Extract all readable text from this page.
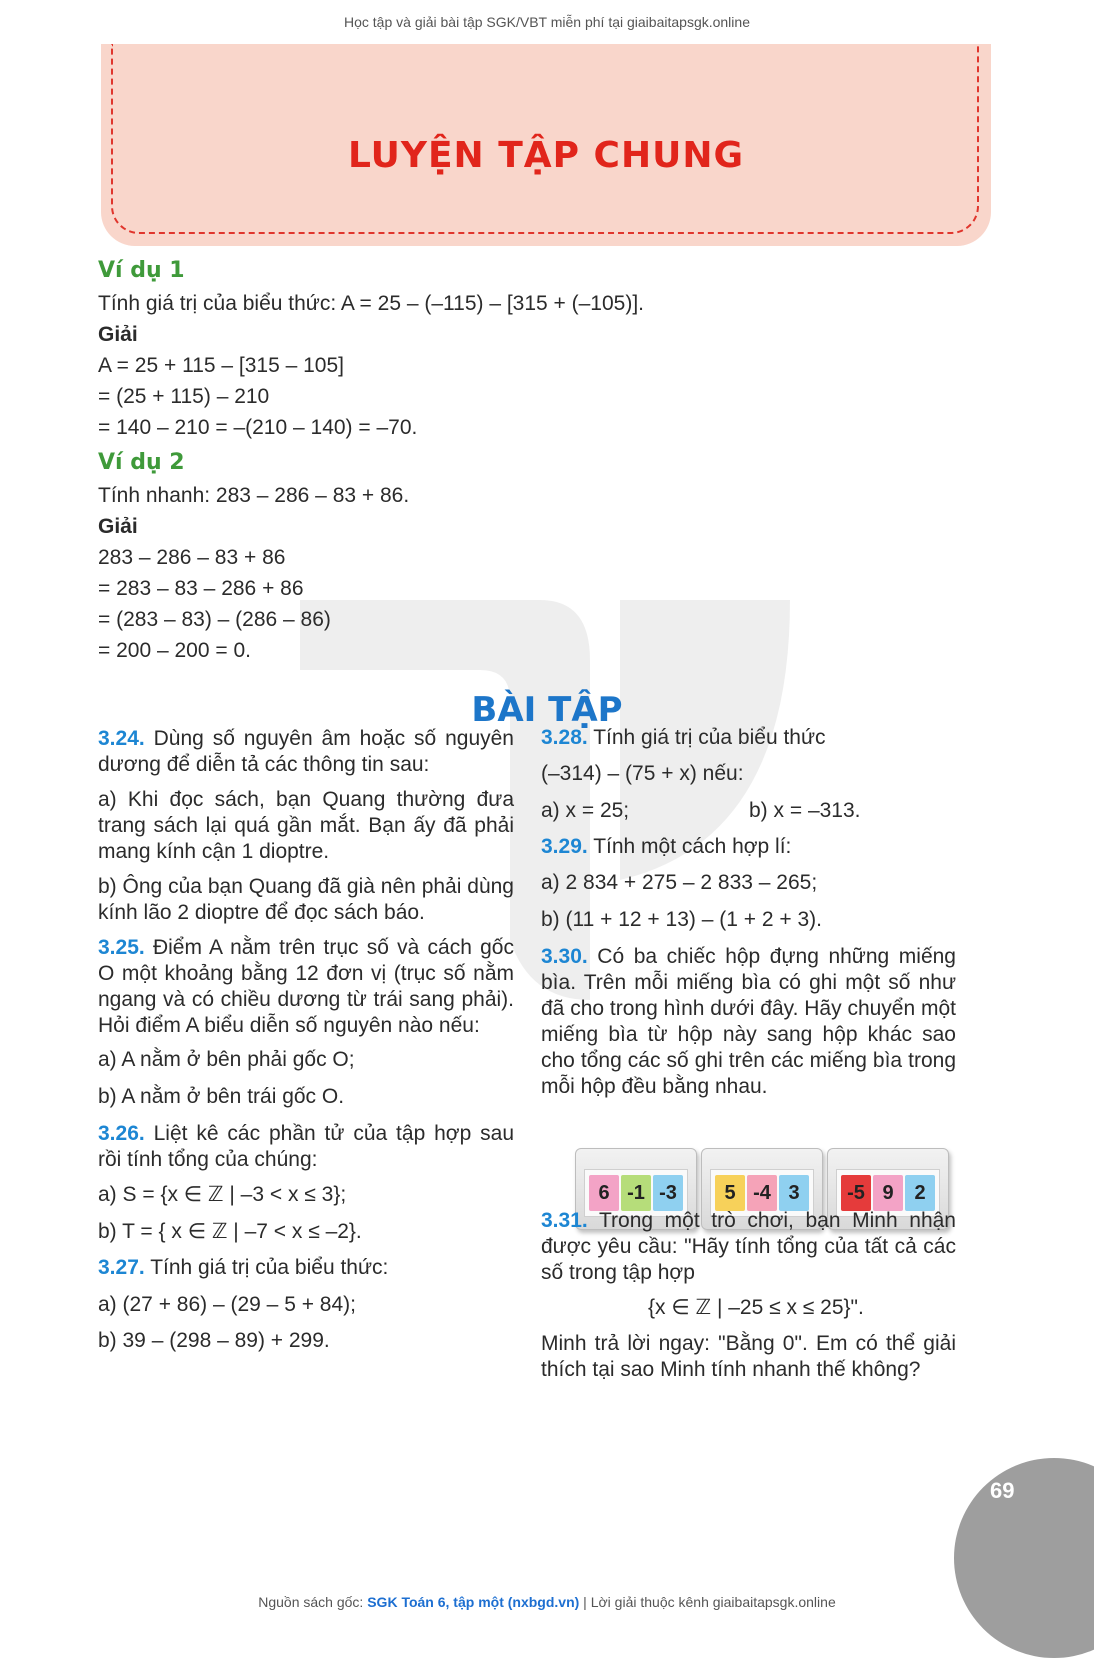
Học tập và giải bài tập SGK/VBT miễn phí tại giaibaitapsgk.online
LUYỆN TẬP CHUNG
Ví dụ 1
Tính giá trị của biểu thức: A = 25 – (–115) – [315 + (–105)].
Giải
A = 25 + 115 – [315 – 105]
= (25 + 115) – 210
= 140 – 210 = –(210 – 140) = –70.
Ví dụ 2
Tính nhanh: 283 – 286 – 83 + 86.
Giải
283 – 286 – 83 + 86
= 283 – 83 – 286 + 86
= (283 – 83) – (286 – 86)
= 200 – 200 = 0.
BÀI TẬP
3.24. Dùng số nguyên âm hoặc số nguyên dương để diễn tả các thông tin sau:
a) Khi đọc sách, bạn Quang thường đưa trang sách lại quá gần mắt. Bạn ấy đã phải mang kính cận 1 dioptre.
b) Ông của bạn Quang đã già nên phải dùng kính lão 2 dioptre để đọc sách báo.
3.25. Điểm A nằm trên trục số và cách gốc O một khoảng bằng 12 đơn vị (trục số nằm ngang và có chiều dương từ trái sang phải). Hỏi điểm A biểu diễn số nguyên nào nếu:
a) A nằm ở bên phải gốc O;
b) A nằm ở bên trái gốc O.
3.26. Liệt kê các phần tử của tập hợp sau rồi tính tổng của chúng:
a) S = {x ∈ ℤ | –3 < x ≤ 3};
b) T = { x ∈ ℤ | –7 < x ≤ –2}.
3.27. Tính giá trị của biểu thức:
a) (27 + 86) – (29 – 5 + 84);
b) 39 – (298 – 89) + 299.
3.28. Tính giá trị của biểu thức
(–314) – (75 + x) nếu:
a) x = 25;	b) x = –313.
3.29. Tính một cách hợp lí:
a) 2 834 + 275 – 2 833 – 265;
b) (11 + 12 + 13) – (1 + 2 + 3).
3.30. Có ba chiếc hộp đựng những miếng bìa. Trên mỗi miếng bìa có ghi một số như đã cho trong hình dưới đây. Hãy chuyển một miếng bìa từ hộp này sang hộp khác sao cho tổng các số ghi trên các miếng bìa trong mỗi hộp đều bằng nhau.
6 -1 -3	5 -4 3	-5 9	2
3.31. Trong một trò chơi, bạn Minh nhận được yêu cầu: "Hãy tính tổng của tất cả các số trong tập hợp
{x ∈ ℤ | –25 ≤ x ≤ 25}".
Minh trả lời ngay: "Bằng 0". Em có thể giải thích tại sao Minh tính nhanh thế không?
69
Nguồn sách gốc: SGK Toán 6, tập một (nxbgd.vn) | Lời giải thuộc kênh giaibaitapsgk.online
